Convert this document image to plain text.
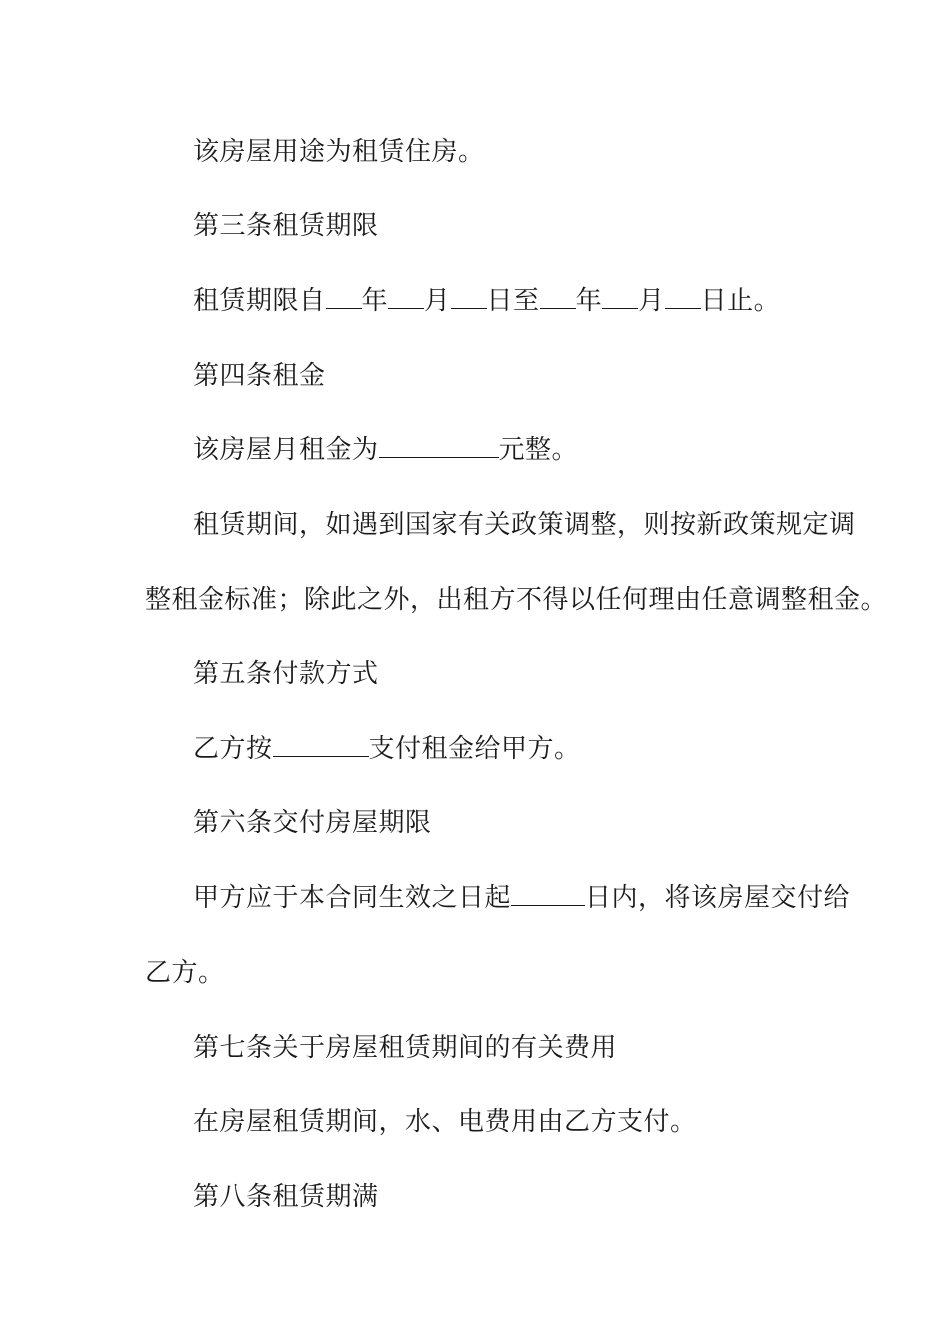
该房屋用途为租赁住房。
第三条租赁期限
租赁期限自 年 月 日至 年 月 日止。
第四条租金
该房屋月租金为	元整。
租赁期间，如遇到国家有关政策调整，则按新政策规定调
整租金标准；除此之外，出租方不得以任何理由任意调整租金。
第五条付款方式
乙方按	支付租金给甲方。
第六条交付房屋期限
甲方应于本合同生效之日起	日内，将该房屋交付给
乙方。
第七条关于房屋租赁期间的有关费用
在房屋租赁期间，水、电费用由乙方支付。
第八条租赁期满
